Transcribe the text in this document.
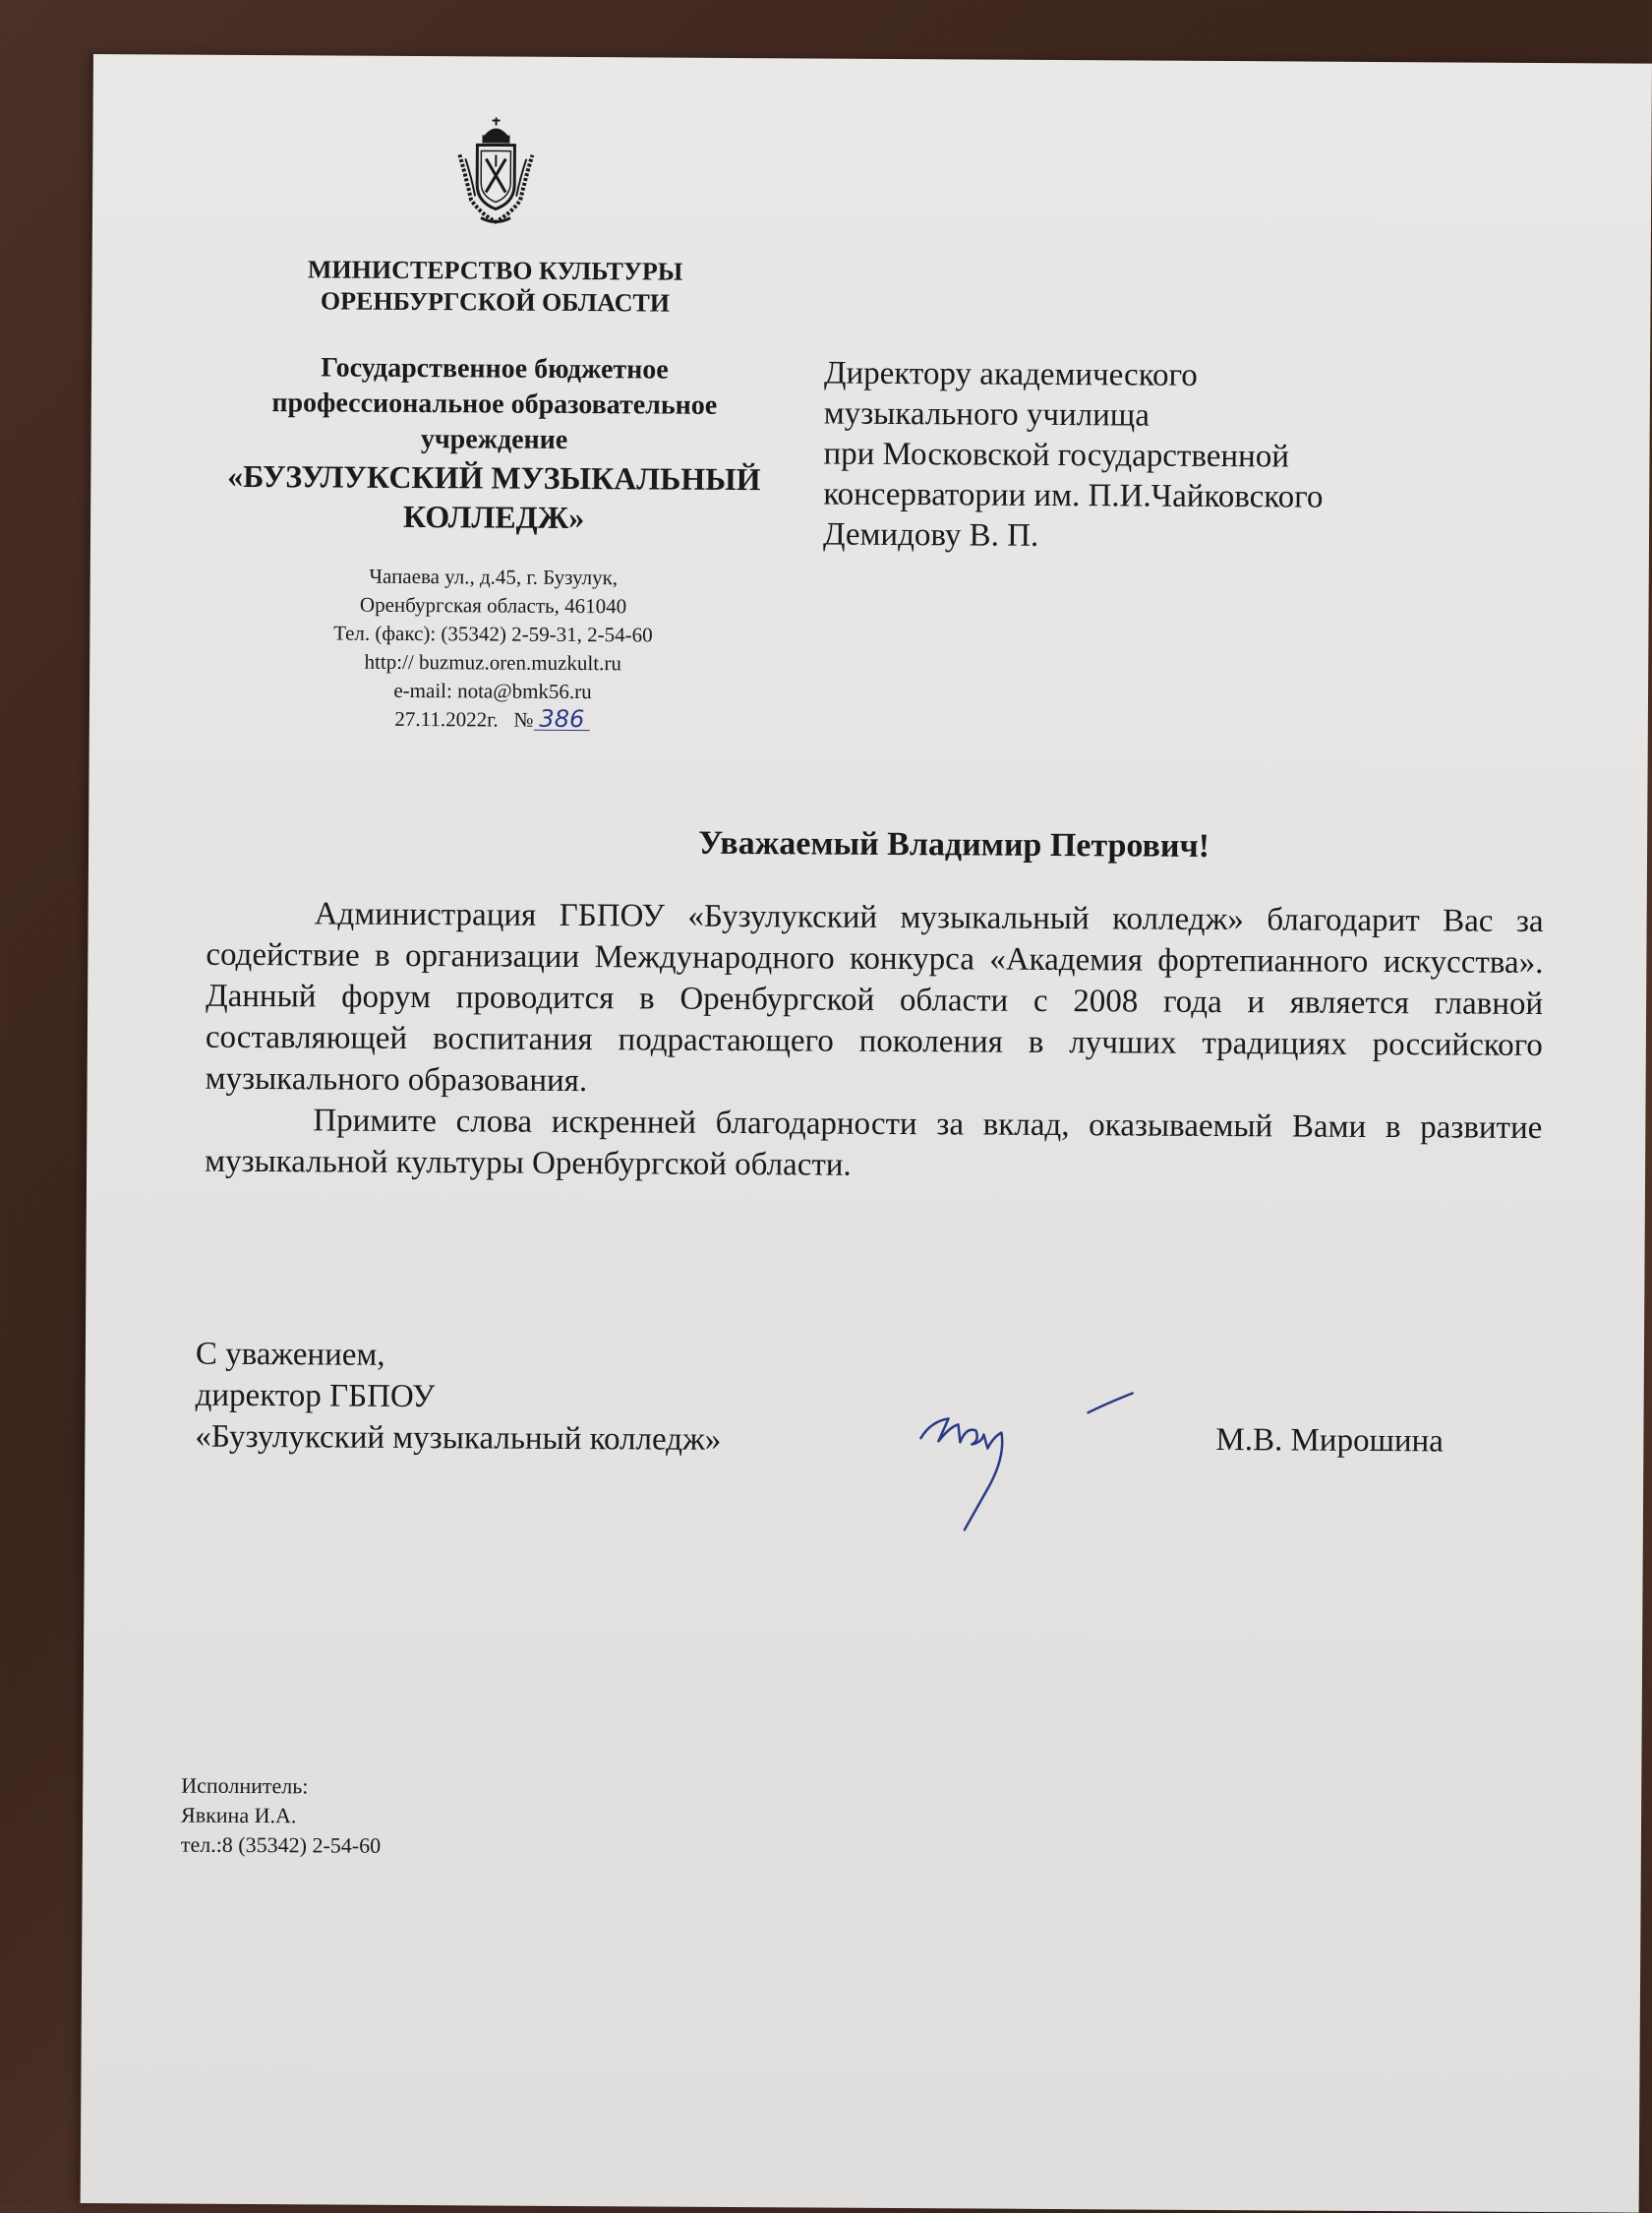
МИНИСТЕРСТВО КУЛЬТУРЫ
ОРЕНБУРГСКОЙ ОБЛАСТИ
Государственное бюджетное
профессиональное образовательное
учреждение
«БУЗУЛУКСКИЙ МУЗЫКАЛЬНЫЙ
КОЛЛЕДЖ»
Чапаева ул., д.45, г. Бузулук,
Оренбургская область, 461040
Тел. (факс): (35342) 2-59-31, 2-54-60
http:// buzmuz.oren.muzkult.ru
e-mail: nota@bmk56.ru
27.11.2022г. № 386
Директору академического
музыкального училища
при Московской государственной
консерватории им. П.И.Чайковского
Демидову В. П.
Уважаемый Владимир Петрович!

Администрация ГБПОУ «Бузулукский музыкальный колледж» благодарит Вас за содействие в организации Международного конкурса «Академия фортепианного искусства». Данный форум проводится в Оренбургской области с 2008 года и является главной составляющей воспитания подрастающего поколения в лучших традициях российского музыкального образования.

Примите слова искренней благодарности за вклад, оказываемый Вами в развитие музыкальной культуры Оренбургской области.

С уважением,
директор ГБПОУ
«Бузулукский музыкальный колледж»	М.В. Мирошина
Исполнитель:
Явкина И.А.
тел.:8 (35342) 2-54-60
